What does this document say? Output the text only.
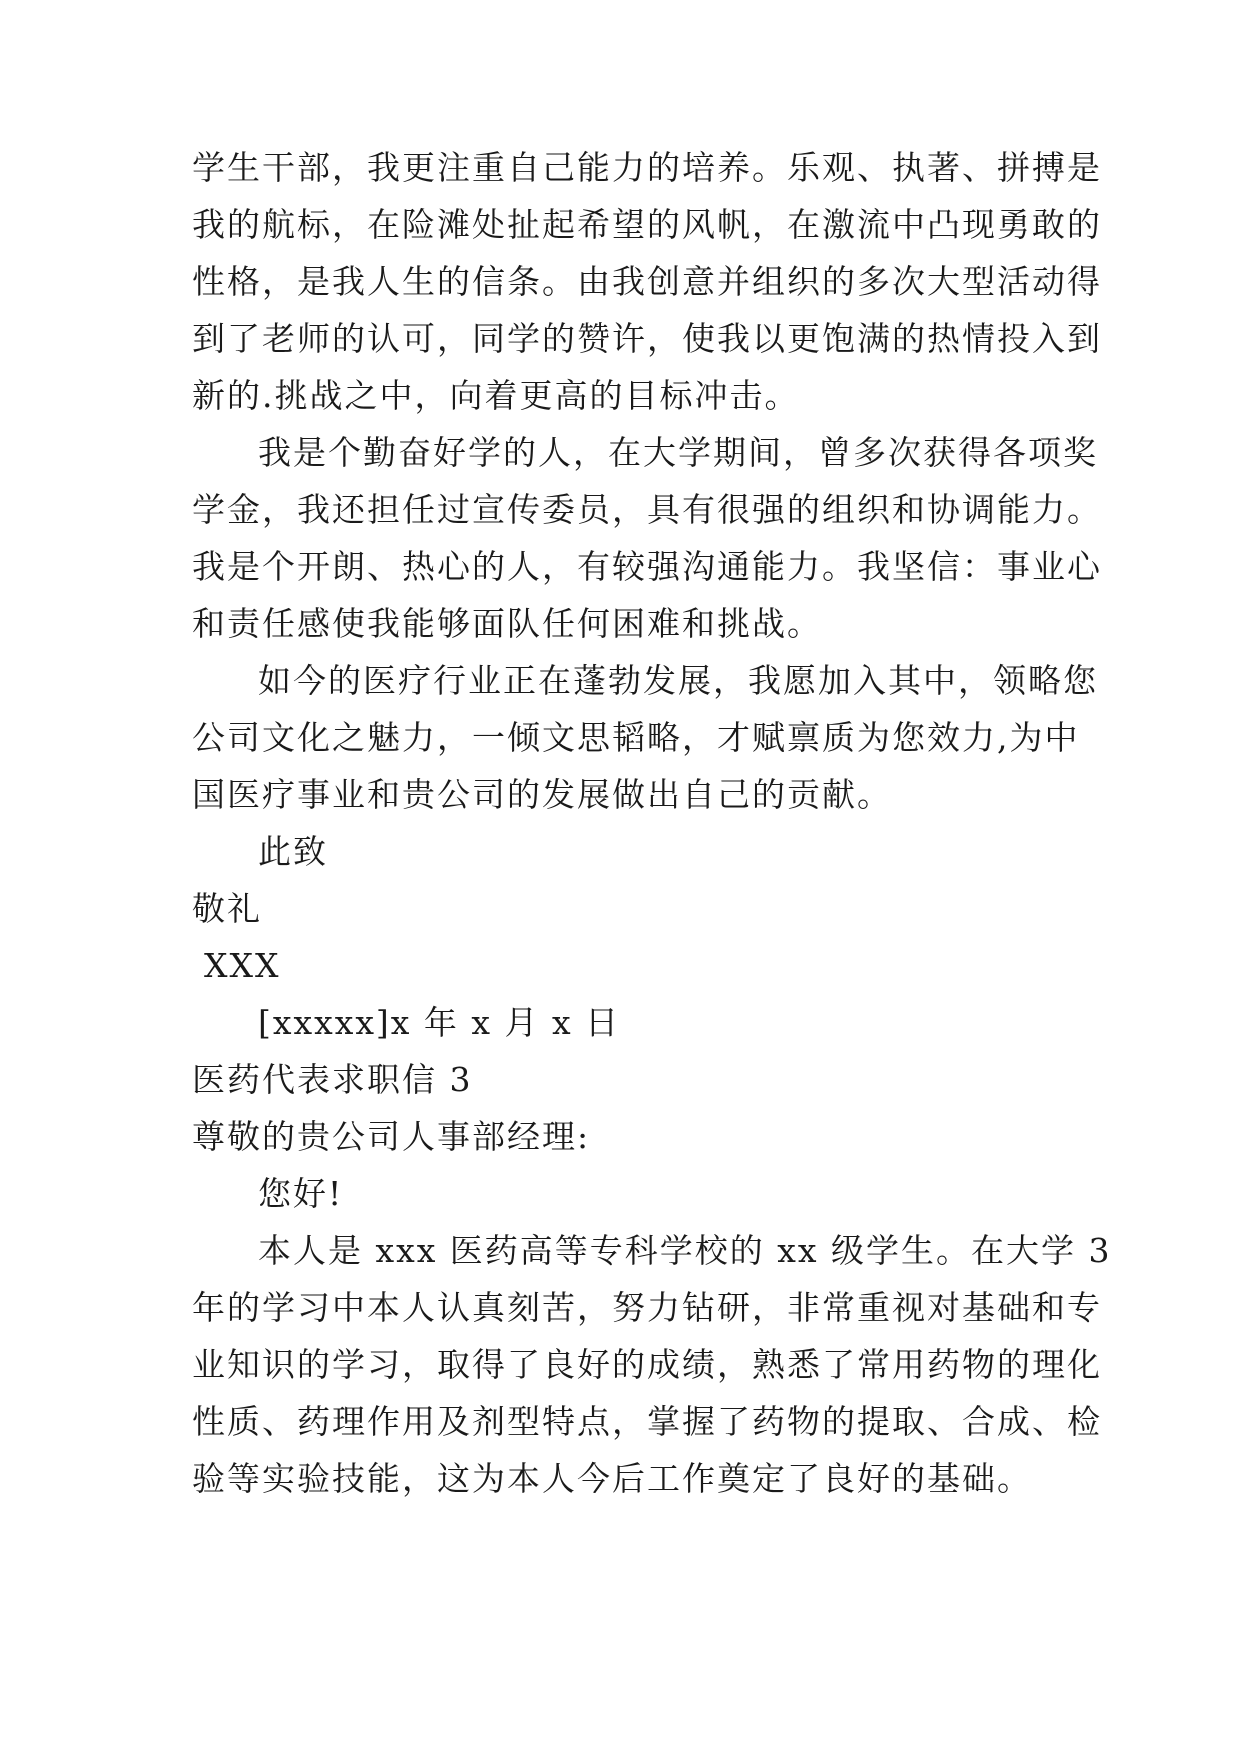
学生干部，我更注重自己能力的培养。乐观、执著、拼搏是
我的航标，在险滩处扯起希望的风帆，在激流中凸现勇敢的
性格，是我人生的信条。由我创意并组织的多次大型活动得
到了老师的认可，同学的赞许，使我以更饱满的热情投入到
新的.挑战之中，向着更高的目标冲击。
我是个勤奋好学的人，在大学期间，曾多次获得各项奖
学金，我还担任过宣传委员，具有很强的组织和协调能力。
我是个开朗、热心的人，有较强沟通能力。我坚信：事业心
和责任感使我能够面队任何困难和挑战。
如今的医疗行业正在蓬勃发展，我愿加入其中，领略您
公司文化之魅力，一倾文思韬略，才赋禀质为您效力,为中
国医疗事业和贵公司的发展做出自己的贡献。
此致
敬礼
XXX
[xxxxx]x 年 x 月 x 日
医药代表求职信 3
尊敬的贵公司人事部经理:
您好!
本人是 xxx 医药高等专科学校的 xx 级学生。在大学 3
年的学习中本人认真刻苦，努力钻研，非常重视对基础和专
业知识的学习，取得了良好的成绩，熟悉了常用药物的理化
性质、药理作用及剂型特点，掌握了药物的提取、合成、检
验等实验技能，这为本人今后工作奠定了良好的基础。
